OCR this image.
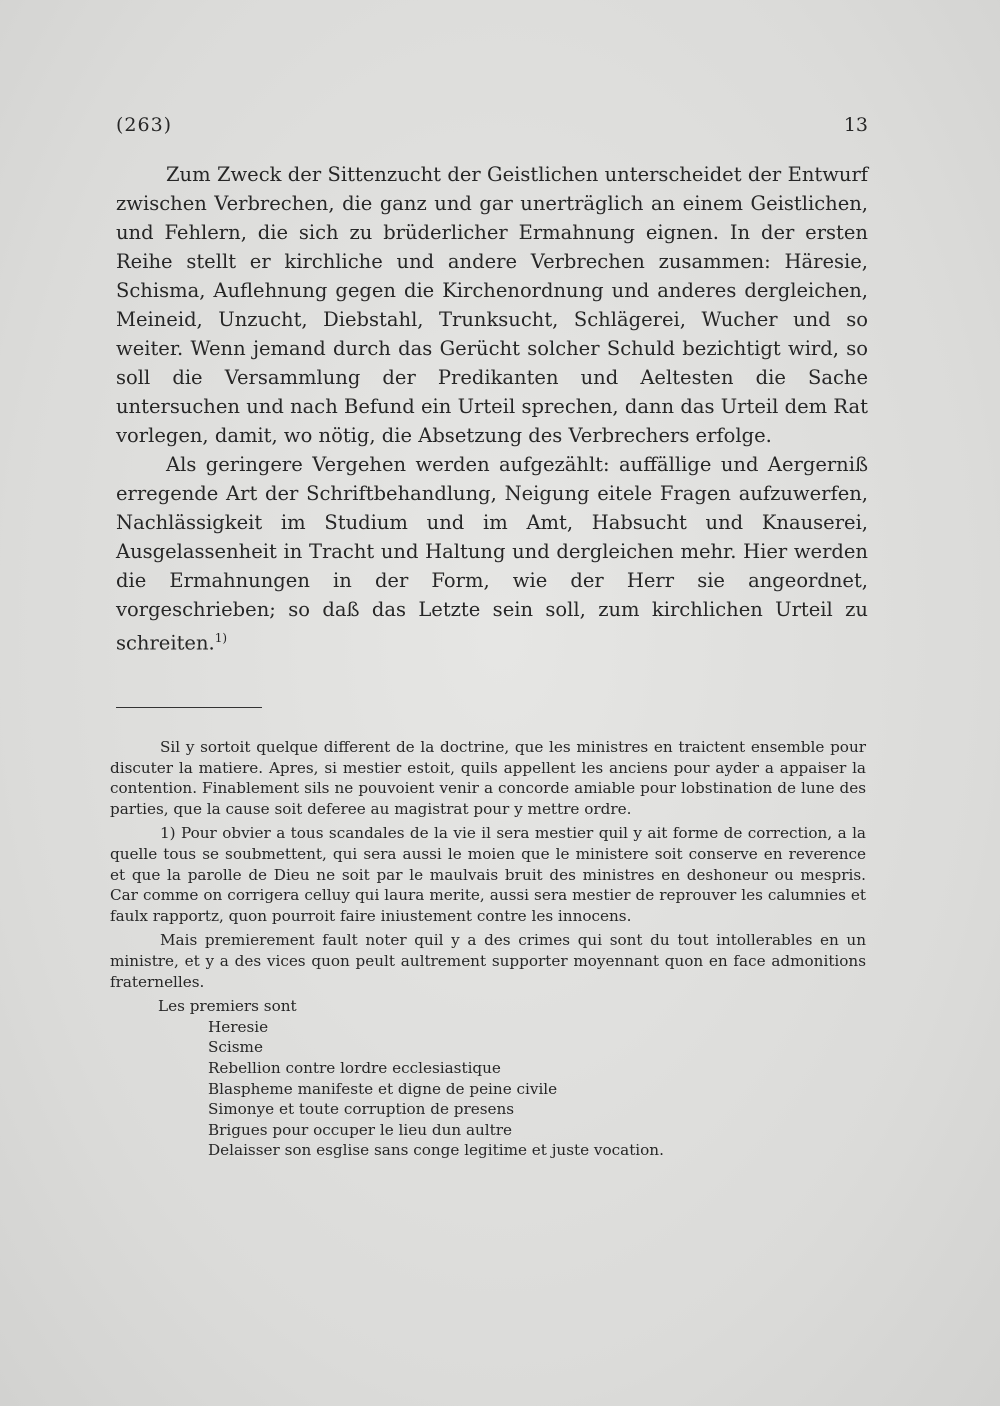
(263)	13

Zum Zweck der Sittenzucht der Geistlichen unterscheidet der Entwurf zwischen Verbrechen, die ganz und gar unerträglich an einem Geistlichen, und Fehlern, die sich zu brüderlicher Ermahnung eignen. In der ersten Reihe stellt er kirchliche und andere Verbrechen zusammen: Häresie, Schisma, Auflehnung gegen die Kirchenordnung und anderes dergleichen, Meineid, Unzucht, Diebstahl, Trunksucht, Schlägerei, Wucher und so weiter. Wenn jemand durch das Gerücht solcher Schuld bezichtigt wird, so soll die Versammlung der Predikanten und Aeltesten die Sache untersuchen und nach Befund ein Urteil sprechen, dann das Urteil dem Rat vorlegen, damit, wo nötig, die Absetzung des Verbrechers erfolge.

Als geringere Vergehen werden aufgezählt: auffällige und Aergerniß erregende Art der Schriftbehandlung, Neigung eitele Fragen aufzuwerfen, Nachlässigkeit im Studium und im Amt, Habsucht und Knauserei, Ausgelassenheit in Tracht und Haltung und dergleichen mehr. Hier werden die Ermahnungen in der Form, wie der Herr sie angeordnet, vorgeschrieben; so daß das Letzte sein soll, zum kirchlichen Urteil zu schreiten.$^{1)}$

Sil y sortoit quelque different de la doctrine, que les ministres en traictent ensemble pour discuter la matiere. Apres, si mestier estoit, quils appellent les anciens pour ayder a appaiser la contention. Finablement sils ne pouvoient venir a concorde amiable pour lobstination de lune des parties, que la cause soit deferee au magistrat pour y mettre ordre.

1) Pour obvier a tous scandales de la vie il sera mestier quil y ait forme de correction, a la quelle tous se soubmettent, qui sera aussi le moien que le ministere soit conserve en reverence et que la parolle de Dieu ne soit par le maulvais bruit des ministres en deshoneur ou mespris. Car comme on corrigera celluy qui laura merite, aussi sera mestier de reprouver les calumnies et faulx rapportz, quon pourroit faire iniustement contre les innocens.

Mais premierement fault noter quil y a des crimes qui sont du tout intollerables en un ministre, et y a des vices quon peult aultrement supporter moyennant quon en face admonitions fraternelles.

Les premiers sont

Heresie
Scisme
Rebellion contre lordre ecclesiastique
Blaspheme manifeste et digne de peine civile
Simonye et toute corruption de presens
Brigues pour occuper le lieu dun aultre
Delaisser son esglise sans conge legitime et juste vocation.
